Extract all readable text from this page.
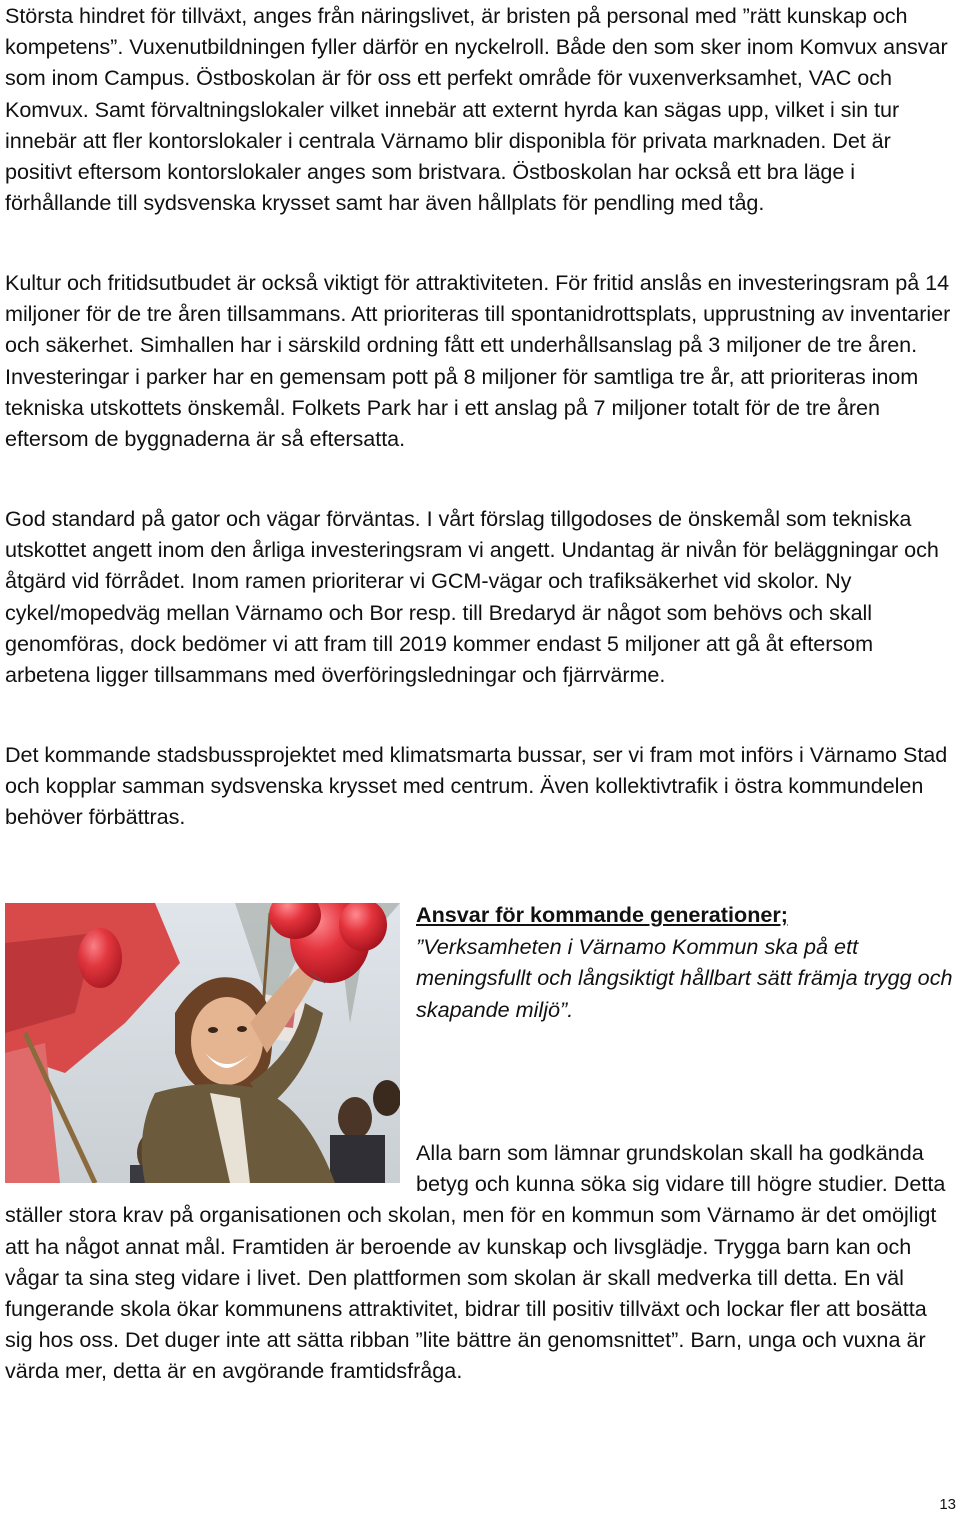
Största hindret för tillväxt, anges från näringslivet, är bristen på personal med ”rätt kunskap och kompetens”. Vuxenutbildningen fyller därför en nyckelroll. Både den som sker inom Komvux ansvar som inom Campus. Östboskolan är för oss ett perfekt område för vuxenverksamhet, VAC och Komvux. Samt förvaltningslokaler vilket innebär att externt hyrda kan sägas upp, vilket i sin tur innebär att fler kontorslokaler i centrala Värnamo blir disponibla för privata marknaden. Det är positivt eftersom kontorslokaler anges som bristvara. Östboskolan har också ett bra läge i förhållande till sydsvenska krysset samt har även hållplats för pendling med tåg.

Kultur och fritidsutbudet är också viktigt för attraktiviteten. För fritid anslås en investeringsram på 14 miljoner för de tre åren tillsammans. Att prioriteras till spontanidrottsplats, upprustning av inventarier och säkerhet. Simhallen har i särskild ordning fått ett underhållsanslag på 3 miljoner de tre åren. Investeringar i parker har en gemensam pott på 8 miljoner för samtliga tre år, att prioriteras inom tekniska utskottets önskemål. Folkets Park har i ett anslag på 7 miljoner totalt för de tre åren eftersom de byggnaderna är så eftersatta.

God standard på gator och vägar förväntas. I vårt förslag tillgodoses de önskemål som tekniska utskottet angett inom den årliga investeringsram vi angett. Undantag är nivån för beläggningar och åtgärd vid förrådet. Inom ramen prioriterar vi GCM-vägar och trafiksäkerhet vid skolor. Ny cykel/mopedväg mellan Värnamo och Bor resp. till Bredaryd är något som behövs och skall genomföras, dock bedömer vi att fram till 2019 kommer endast 5 miljoner att gå åt eftersom arbetena ligger tillsammans med överföringsledningar och fjärrvärme.

Det kommande stadsbussprojektet med klimatsmarta bussar, ser vi fram mot införs i Värnamo Stad och kopplar samman sydsvenska krysset med centrum. Även kollektivtrafik i östra kommundelen behöver förbättras.

Ansvar för kommande generationer;
”Verksamheten i Värnamo Kommun ska på ett meningsfullt och långsiktigt hållbart sätt främja trygg och skapande miljö”.

Alla barn som lämnar grundskolan skall ha godkända betyg och kunna söka sig vidare till högre studier. Detta ställer stora krav på organisationen och skolan, men för en kommun som Värnamo är det omöjligt att ha något annat mål. Framtiden är beroende av kunskap och livsglädje. Trygga barn kan och vågar ta sina steg vidare i livet. Den plattformen som skolan är skall medverka till detta. En väl fungerande skola ökar kommunens attraktivitet, bidrar till positiv tillväxt och lockar fler att bosätta sig hos oss. Det duger inte att sätta ribban ”lite bättre än genomsnittet”. Barn, unga och vuxna är värda mer, detta är en avgörande framtidsfråga.

13
